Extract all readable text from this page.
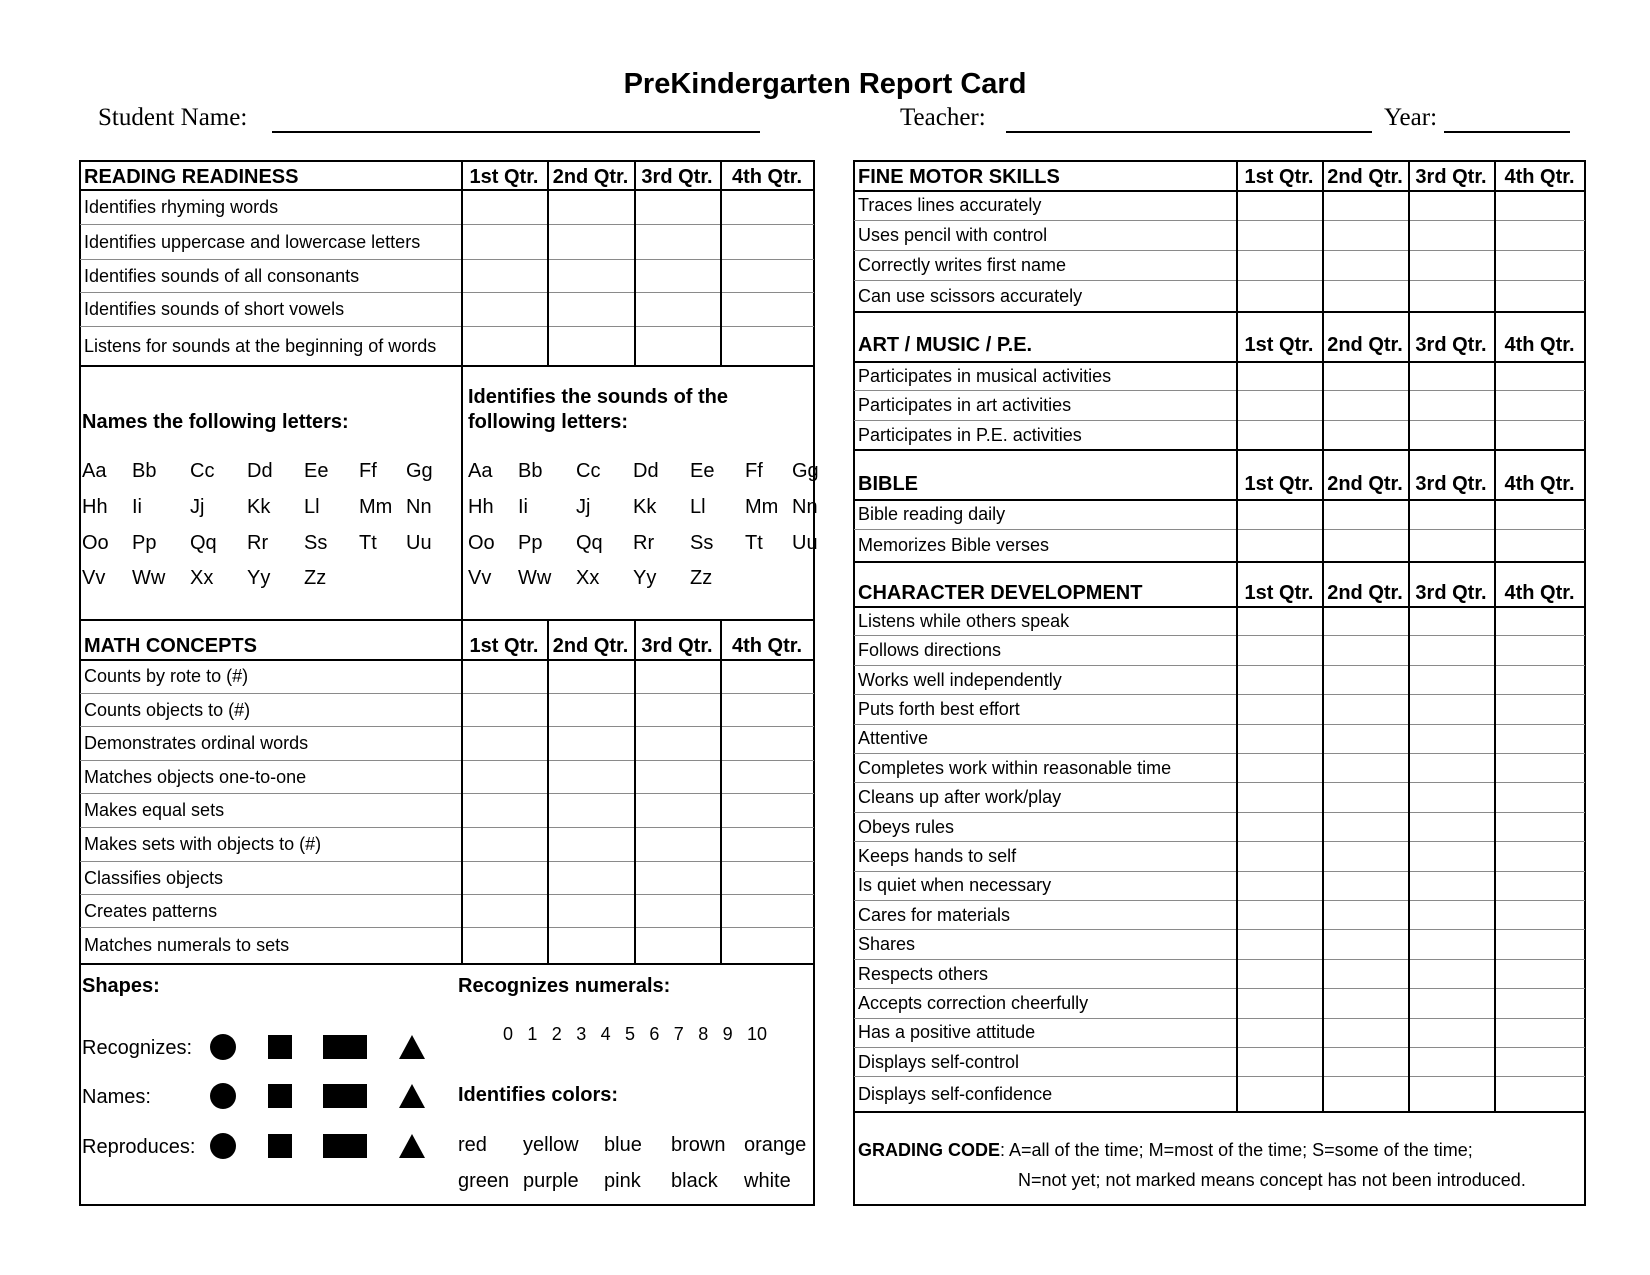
PreKindergarten Report Card
Student Name:	Teacher:	Year:
READING READINESS	1st Qtr. 2nd Qtr. 3rd Qtr. 4th Qtr.
Identifies rhyming words
Identifies uppercase and lowercase letters
Identifies sounds of all consonants
Identifies sounds of short vowels
Listens for sounds at the beginning of words
Names the following letters:
Identifies the sounds of the
following letters:
Aa Bb Cc Dd Ee Ff Gg
Hh Ii Jj Kk Ll Mm Nn
Oo Pp Qq Rr Ss Tt Uu
Vv Ww Xx Yy Zz
Aa Bb Cc Dd Ee Ff Gg
Hh Ii Jj Kk Ll Mm Nn
Oo Pp Qq Rr Ss Tt Uu
Vv Ww Xx Yy Zz
MATH CONCEPTS	1st Qtr. 2nd Qtr. 3rd Qtr. 4th Qtr.
Counts by rote to (#)
Counts objects to (#)
Demonstrates ordinal words
Matches objects one-to-one
Makes equal sets
Makes sets with objects to (#)
Classifies objects
Creates patterns
Matches numerals to sets
Shapes:
Recognizes:
Names:
Reproduces:
Recognizes numerals:
0 1 2 3 4 5 6 7 8 9 10
Identifies colors:
red yellow blue brown orange
green purple pink black white
FINE MOTOR SKILLS	1st Qtr. 2nd Qtr. 3rd Qtr. 4th Qtr.
Traces lines accurately
Uses pencil with control
Correctly writes first name
Can use scissors accurately
ART / MUSIC / P.E.	1st Qtr. 2nd Qtr. 3rd Qtr. 4th Qtr.
Participates in musical activities
Participates in art activities
Participates in P.E. activities
BIBLE	1st Qtr. 2nd Qtr. 3rd Qtr. 4th Qtr.
Bible reading daily
Memorizes Bible verses
CHARACTER DEVELOPMENT	1st Qtr. 2nd Qtr. 3rd Qtr. 4th Qtr.
Listens while others speak
Follows directions
Works well independently
Puts forth best effort
Attentive
Completes work within reasonable time
Cleans up after work/play
Obeys rules
Keeps hands to self
Is quiet when necessary
Cares for materials
Shares
Respects others
Accepts correction cheerfully
Has a positive attitude
Displays self-control
Displays self-confidence
GRADING CODE: A=all of the time; M=most of the time; S=some of the time;
N=not yet; not marked means concept has not been introduced.
